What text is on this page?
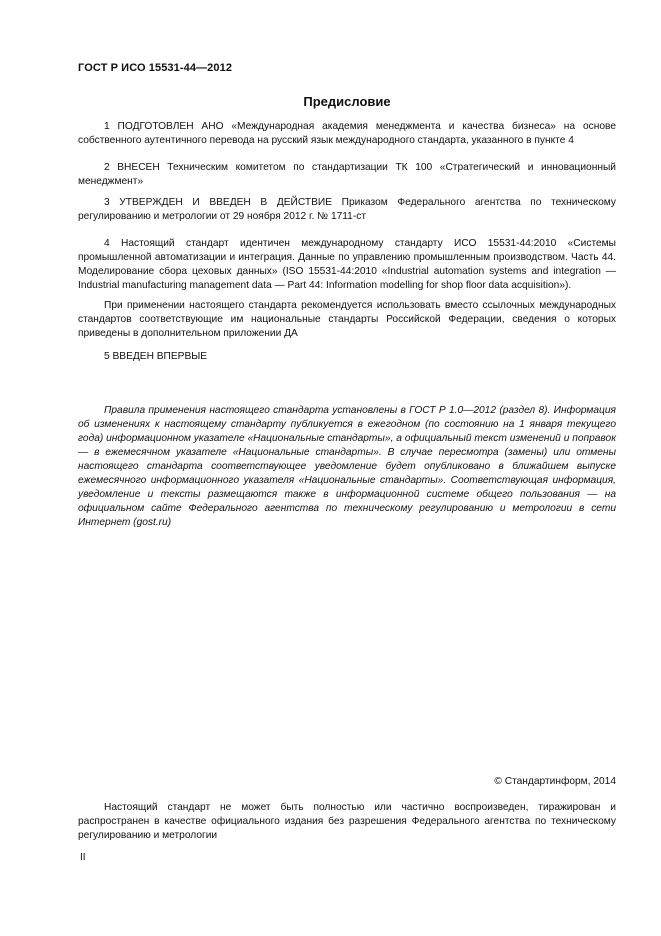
ГОСТ Р ИСО 15531-44—2012
Предисловие

1 ПОДГОТОВЛЕН АНО «Международная академия менеджмента и качества бизнеса» на основе собственного аутентичного перевода на русский язык международного стандарта, указанного в пункте 4

2 ВНЕСЕН Техническим комитетом по стандартизации ТК 100 «Стратегический и инновационный менеджмент»

3 УТВЕРЖДЕН И ВВЕДЕН В ДЕЙСТВИЕ Приказом Федерального агентства по техническому регулированию и метрологии от 29 ноября 2012 г. № 1711-ст

4 Настоящий стандарт идентичен международному стандарту ИСО 15531-44:2010 «Системы промышленной автоматизации и интеграция. Данные по управлению промышленным производством. Часть 44. Моделирование сбора цеховых данных» (ISO 15531-44:2010 «Industrial automation systems and integration — Industrial manufacturing management data — Part 44: Information modelling for shop floor data acquisition»).

При применении настоящего стандарта рекомендуется использовать вместо ссылочных международных стандартов соответствующие им национальные стандарты Российской Федерации, сведения о которых приведены в дополнительном приложении ДА

5 ВВЕДЕН ВПЕРВЫЕ

Правила применения настоящего стандарта установлены в ГОСТ Р 1.0—2012 (раздел 8). Информация об изменениях к настоящему стандарту публикуется в ежегодном (по состоянию на 1 января текущего года) информационном указателе «Национальные стандарты», а официальный текст изменений и поправок — в ежемесячном указателе «Национальные стандарты». В случае пересмотра (замены) или отмены настоящего стандарта соответствующее уведомление будет опубликовано в ближайшем выпуске ежемесячного информационного указателя «Национальные стандарты». Соответствующая информация, уведомление и тексты размещаются также в информационной системе общего пользования — на официальном сайте Федерального агентства по техническому регулированию и метрологии в сети Интернет (gost.ru)

© Стандартинформ, 2014

Настоящий стандарт не может быть полностью или частично воспроизведен, тиражирован и распространен в качестве официального издания без разрешения Федерального агентства по техническому регулированию и метрологии

II
